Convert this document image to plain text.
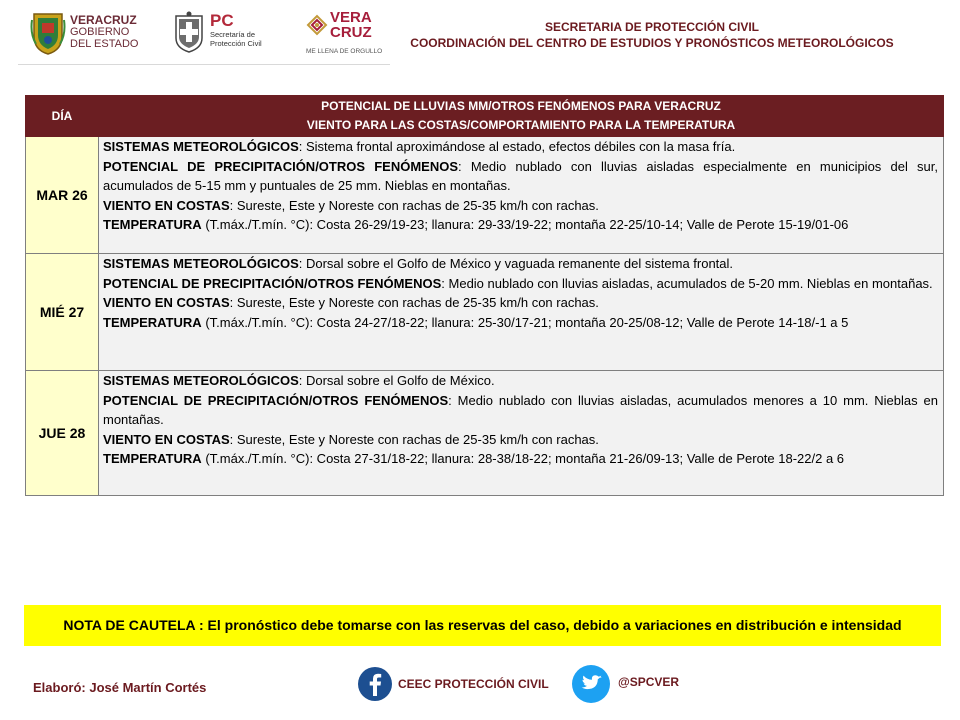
VERACRUZ
GOBIERNO
DEL ESTADO
PC
Secretaría de
Protección Civil
VERA
CRUZ
ME LLENA DE ORGULLO
SECRETARIA DE PROTECCIÓN CIVIL
COORDINACIÓN DEL CENTRO DE ESTUDIOS Y PRONÓSTICOS METEOROLÓGICOS
DÍA	POTENCIAL DE LLUVIAS MM/OTROS FENÓMENOS PARA VERACRUZ
VIENTO PARA LAS COSTAS/COMPORTAMIENTO PARA LA TEMPERATURA

MAR 26	SISTEMAS METEOROLÓGICOS: Sistema frontal aproximándose al estado, efectos débiles con la masa fría.

POTENCIAL DE PRECIPITACIÓN/OTROS FENÓMENOS: Medio nublado con lluvias aisladas especialmente en municipios del sur, acumulados de 5-15 mm y puntuales de 25 mm. Nieblas en montañas.

VIENTO EN COSTAS: Sureste, Este y Noreste con rachas de 25-35 km/h con rachas.

TEMPERATURA (T.máx./T.mín. °C): Costa 26-29/19-23; llanura: 29-33/19-22; montaña 22-25/10-14; Valle de Perote 15-19/01-06

MIÉ 27	SISTEMAS METEOROLÓGICOS: Dorsal sobre el Golfo de México y vaguada remanente del sistema frontal.

POTENCIAL DE PRECIPITACIÓN/OTROS FENÓMENOS: Medio nublado con lluvias aisladas, acumulados de 5-20 mm. Nieblas en montañas.

VIENTO EN COSTAS: Sureste, Este y Noreste con rachas de 25-35 km/h con rachas.

TEMPERATURA (T.máx./T.mín. °C): Costa 24-27/18-22; llanura: 25-30/17-21; montaña 20-25/08-12; Valle de Perote 14-18/-1 a 5

JUE 28	SISTEMAS METEOROLÓGICOS: Dorsal sobre el Golfo de México.

POTENCIAL DE PRECIPITACIÓN/OTROS FENÓMENOS: Medio nublado con lluvias aisladas, acumulados menores a 10 mm. Nieblas en montañas.

VIENTO EN COSTAS: Sureste, Este y Noreste con rachas de 25-35 km/h con rachas.

TEMPERATURA (T.máx./T.mín. °C): Costa 27-31/18-22; llanura: 28-38/18-22; montaña 21-26/09-13; Valle de Perote 18-22/2 a 6

NOTA DE CAUTELA : El pronóstico debe tomarse con las reservas del caso, debido a variaciones en distribución e intensidad
Elaboró: José Martín Cortés	CEEC PROTECCIÓN CIVIL	@SPCVER
